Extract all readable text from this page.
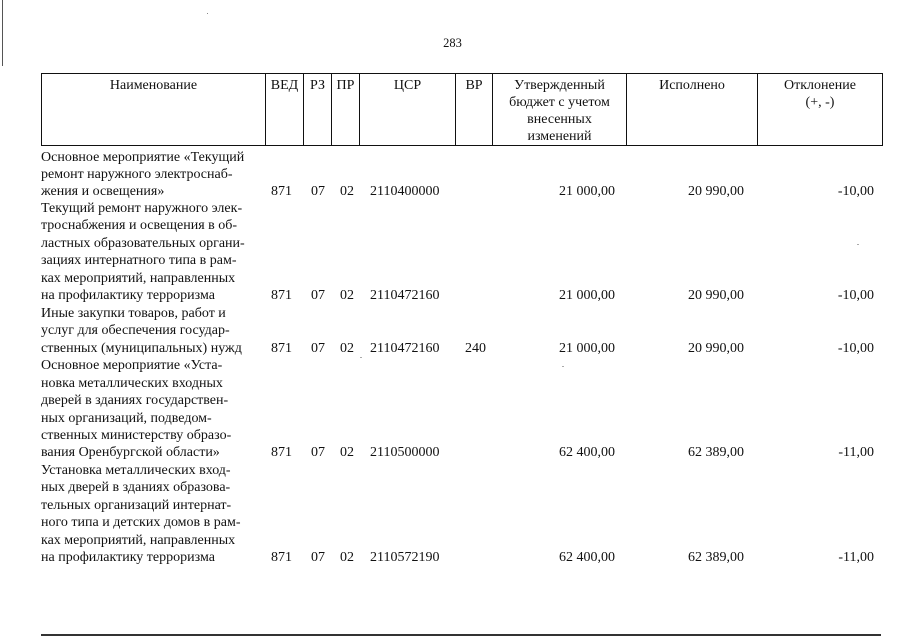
283
Наименование	ВЕД РЗ ПР	ЦСР	ВР	Утвержденный
бюджет с учетом
внесенных
изменений
Исполнено	Отклонение
(+, -)
Основное мероприятие «Текущий
ремонт наружного электроснаб-
жения и освещения»	871 07 02 2110400000	21 000,00	20 990,00	-10,00
Текущий ремонт наружного элек-
троснабжения и освещения в об-
ластных образовательных органи-
зациях интернатного типа в рам-
ках мероприятий, направленных
на профилактику терроризма	871 07 02 2110472160	21 000,00	20 990,00	-10,00
Иные закупки товаров, работ и
услуг для обеспечения государ-
ственных (муниципальных) нужд 871 07 02 2110472160 240	21 000,00	20 990,00	-10,00
Основное мероприятие «Уста-
новка металлических входных
дверей в зданиях государствен-
ных организаций, подведом-
ственных министерству образо-
вания Оренбургской области»	871 07 02 2110500000	62 400,00	62 389,00	-11,00
Установка металлических вход-
ных дверей в зданиях образова-
тельных организаций интернат-
ного типа и детских домов в рам-
ках мероприятий, направленных
на профилактику терроризма	871 07 02 2110572190	62 400,00	62 389,00	-11,00
